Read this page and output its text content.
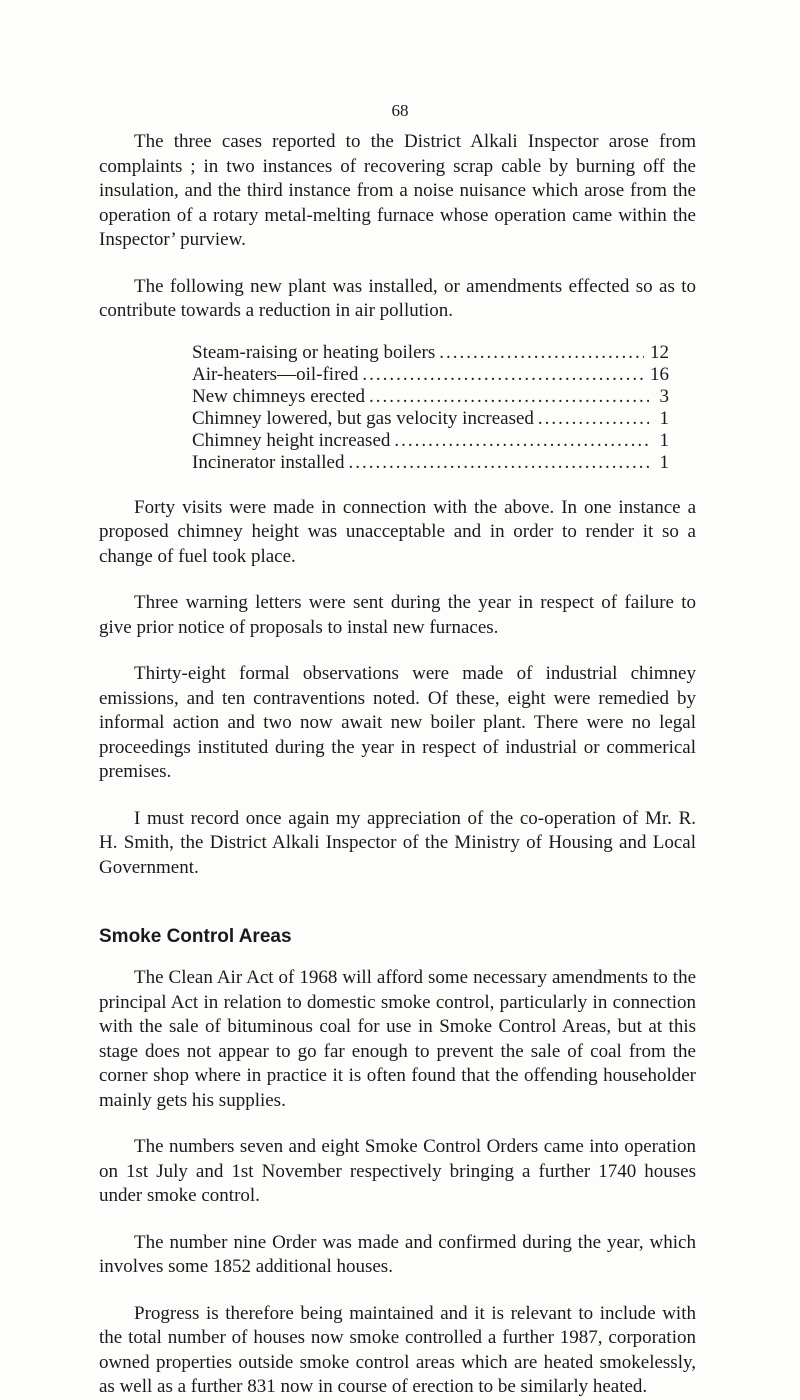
68

The three cases reported to the District Alkali Inspector arose from complaints ; in two instances of recovering scrap cable by burning off the insulation, and the third instance from a noise nuisance which arose from the operation of a rotary metal-melting furnace whose operation came within the Inspector’ purview.

The following new plant was installed, or amendments effected so as to contribute towards a reduction in air pollution.

Steam-raising or heating boilers .....	12
Air-heaters—oil-fired .....	16
New chimneys erected .....	3
Chimney lowered, but gas velocity increased .....	1
Chimney height increased .....	1
Incinerator installed .....	1

Forty visits were made in connection with the above. In one instance a proposed chimney height was unacceptable and in order to render it so a change of fuel took place.

Three warning letters were sent during the year in respect of failure to give prior notice of proposals to instal new furnaces.

Thirty-eight formal observations were made of industrial chimney emissions, and ten contraventions noted. Of these, eight were remedied by informal action and two now await new boiler plant. There were no legal proceedings instituted during the year in respect of industrial or commerical premises.

I must record once again my appreciation of the co-operation of Mr. R. H. Smith, the District Alkali Inspector of the Ministry of Housing and Local Government.

Smoke Control Areas

The Clean Air Act of 1968 will afford some necessary amendments to the principal Act in relation to domestic smoke control, particularly in connection with the sale of bituminous coal for use in Smoke Control Areas, but at this stage does not appear to go far enough to prevent the sale of coal from the corner shop where in practice it is often found that the offending householder mainly gets his supplies.

The numbers seven and eight Smoke Control Orders came into operation on 1st July and 1st November respectively bringing a further 1740 houses under smoke control.

The number nine Order was made and confirmed during the year, which involves some 1852 additional houses.

Progress is therefore being maintained and it is relevant to include with the total number of houses now smoke controlled a further 1987, corporation owned properties outside smoke control areas which are heated smokelessly, as well as a further 831 now in course of erection to be similarly heated.
